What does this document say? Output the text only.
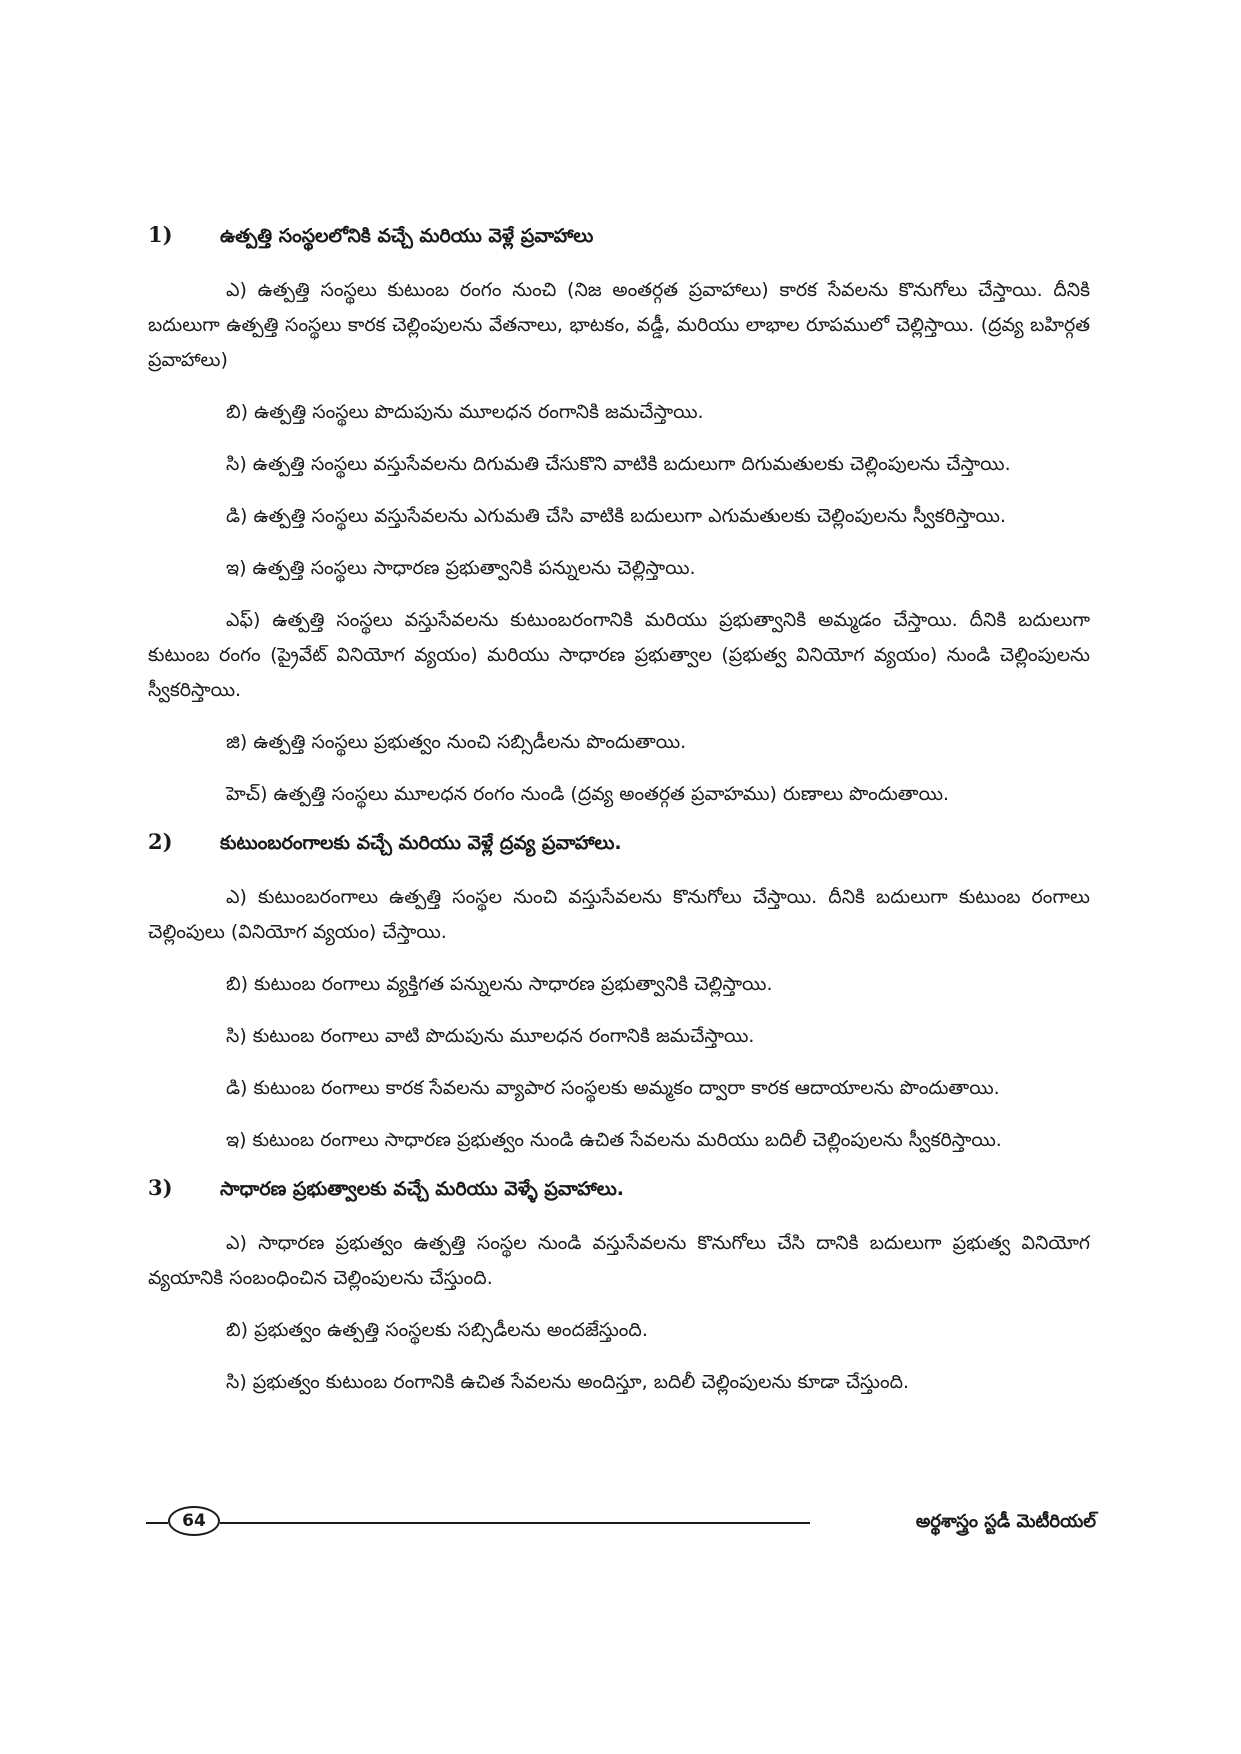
1)	ఉత్పత్తి సంస్థలలోనికి వచ్చే మరియు వెళ్లే ప్రవాహాలు

ఎ) ఉత్పత్తి సంస్థలు కుటుంబ రంగం నుంచి (నిజ అంతర్గత ప్రవాహాలు) కారక సేవలను కొనుగోలు చేస్తాయి. దీనికి బదులుగా ఉత్పత్తి సంస్థలు కారక చెల్లింపులను వేతనాలు, భాటకం, వడ్డీ, మరియు లాభాల రూపములో చెల్లిస్తాయి. (ద్రవ్య బహిర్గత ప్రవాహాలు)

బి) ఉత్పత్తి సంస్థలు పొదుపును మూలధన రంగానికి జమచేస్తాయి.

సి) ఉత్పత్తి సంస్థలు వస్తుసేవలను దిగుమతి చేసుకొని వాటికి బదులుగా దిగుమతులకు చెల్లింపులను చేస్తాయి.

డి) ఉత్పత్తి సంస్థలు వస్తుసేవలను ఎగుమతి చేసి వాటికి బదులుగా ఎగుమతులకు చెల్లింపులను స్వీకరిస్తాయి.

ఇ) ఉత్పత్తి సంస్థలు సాధారణ ప్రభుత్వానికి పన్నులను చెల్లిస్తాయి.

ఎఫ్) ఉత్పత్తి సంస్థలు వస్తుసేవలను కుటుంబరంగానికి మరియు ప్రభుత్వానికి అమ్మడం చేస్తాయి. దీనికి బదులుగా కుటుంబ రంగం (ప్రైవేట్ వినియోగ వ్యయం) మరియు సాధారణ ప్రభుత్వాల (ప్రభుత్వ వినియోగ వ్యయం) నుండి చెల్లింపులను స్వీకరిస్తాయి.

జి) ఉత్పత్తి సంస్థలు ప్రభుత్వం నుంచి సబ్సిడీలను పొందుతాయి.

హెచ్) ఉత్పత్తి సంస్థలు మూలధన రంగం నుండి (ద్రవ్య అంతర్గత ప్రవాహము) రుణాలు పొందుతాయి.

2)	కుటుంబరంగాలకు వచ్చే మరియు వెళ్లే ద్రవ్య ప్రవాహాలు.

ఎ) కుటుంబరంగాలు ఉత్పత్తి సంస్థల నుంచి వస్తుసేవలను కొనుగోలు చేస్తాయి. దీనికి బదులుగా కుటుంబ రంగాలు చెల్లింపులు (వినియోగ వ్యయం) చేస్తాయి.

బి) కుటుంబ రంగాలు వ్యక్తిగత పన్నులను సాధారణ ప్రభుత్వానికి చెల్లిస్తాయి.

సి) కుటుంబ రంగాలు వాటి పొదుపును మూలధన రంగానికి జమచేస్తాయి.

డి) కుటుంబ రంగాలు కారక సేవలను వ్యాపార సంస్థలకు అమ్మకం ద్వారా కారక ఆదాయాలను పొందుతాయి.

ఇ) కుటుంబ రంగాలు సాధారణ ప్రభుత్వం నుండి ఉచిత సేవలను మరియు బదిలీ చెల్లింపులను స్వీకరిస్తాయి.

3)	సాధారణ ప్రభుత్వాలకు వచ్చే మరియు వెళ్ళే ప్రవాహాలు.

ఎ) సాధారణ ప్రభుత్వం ఉత్పత్తి సంస్థల నుండి వస్తుసేవలను కొనుగోలు చేసి దానికి బదులుగా ప్రభుత్వ వినియోగ వ్యయానికి సంబంధించిన చెల్లింపులను చేస్తుంది.

బి) ప్రభుత్వం ఉత్పత్తి సంస్థలకు సబ్సిడీలను అందజేస్తుంది.

సి) ప్రభుత్వం కుటుంబ రంగానికి ఉచిత సేవలను అందిస్తూ, బదిలీ చెల్లింపులను కూడా చేస్తుంది.

64	అర్థశాస్త్రం స్టడీ మెటీరియల్
